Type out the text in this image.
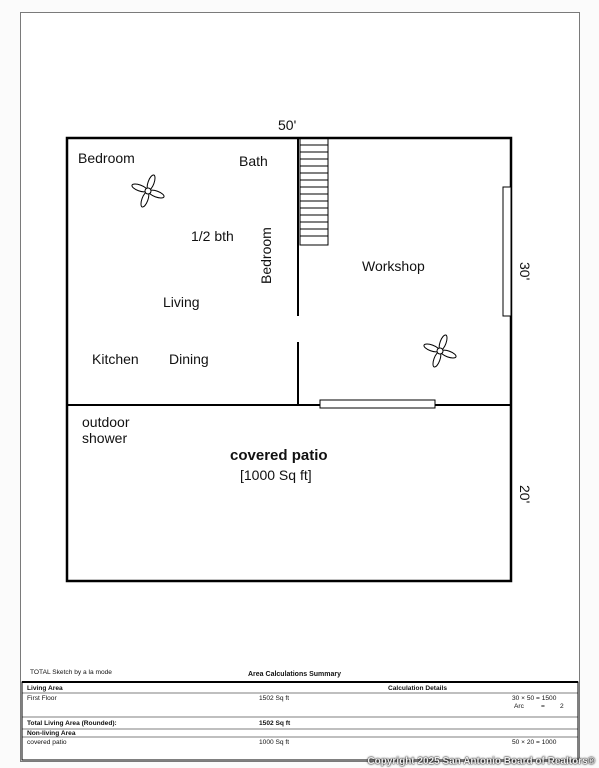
50'
30'
20'
Bedroom	Bath
1/2 bth Bedroom
Living
Kitchen Dining
Workshop
outdoor
shower
covered patio
[1000 Sq ft]
TOTAL Sketch by a la mode	Area Calculations Summary
Living Area	Calculation Details
First Floor	1502 Sq ft	30 × 50 = 1500
Arc	= 2
Total Living Area (Rounded):	1502 Sq ft
Non-living Area
covered patio	1000 Sq ft	50 × 20 = 1000
Copyright 2025 San Antonio Board of Realtors®
